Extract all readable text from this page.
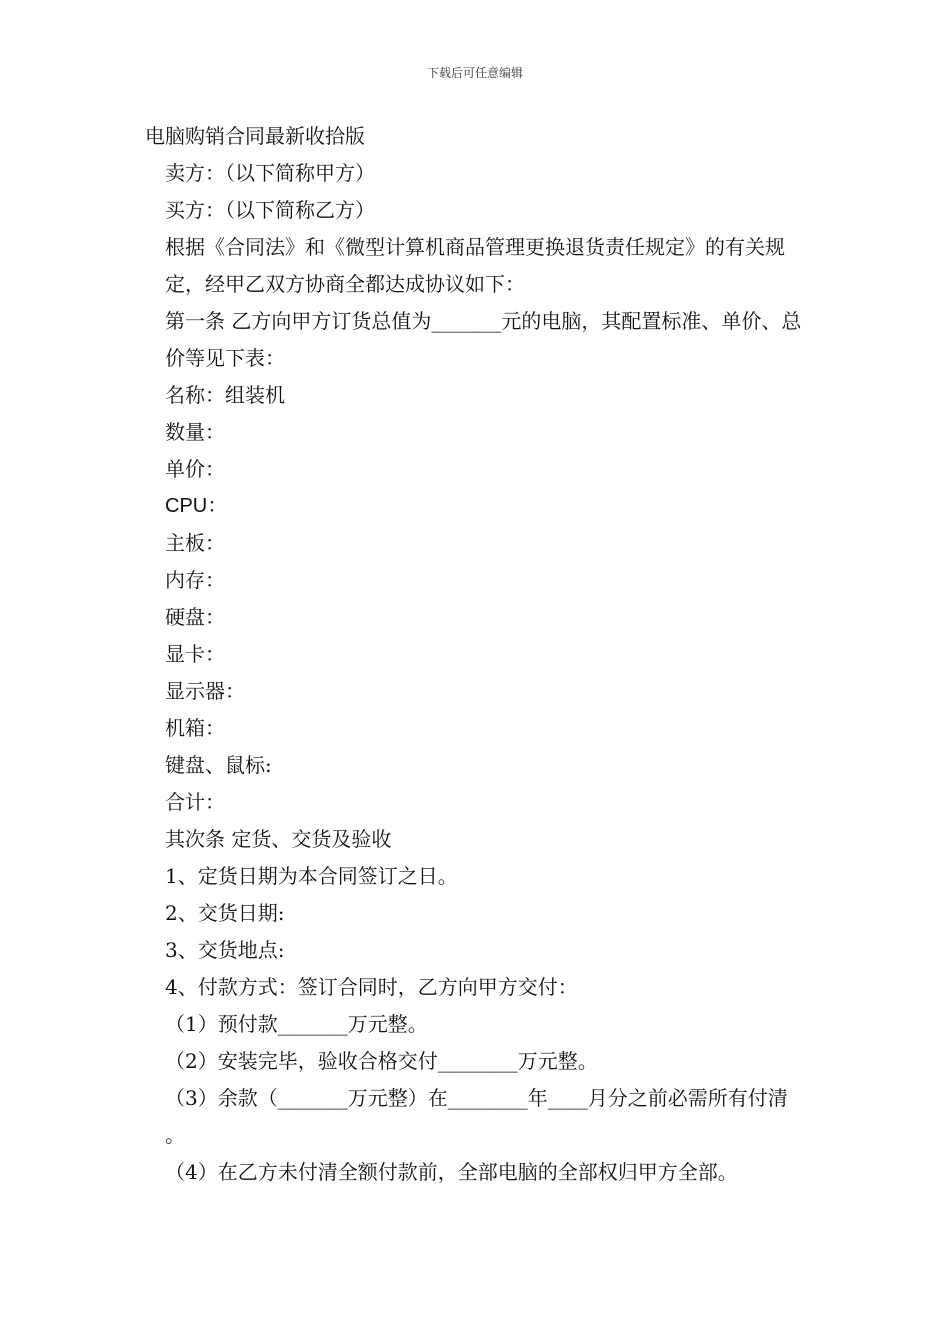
下载后可任意编辑

电脑购销合同最新收拾版

卖方：（以下简称甲方）

买方：（以下简称乙方）

根据《合同法》和《微型计算机商品管理更换退货责任规定》的有关规定，经甲乙双方协商全都达成协议如下：

第一条 乙方向甲方订货总值为_______元的电脑，其配置标准、单价、总价等见下表：

名称：组装机

数量：

单价：

CPU：

主板：

内存：

硬盘：

显卡：

显示器：

机箱：

键盘、鼠标:

合计：

其次条 定货、交货及验收

1、定货日期为本合同签订之日。

2、交货日期:

3、交货地点:

4、付款方式：签订合同时，乙方向甲方交付：

（1）预付款_______万元整。

（2）安装完毕，验收合格交付________万元整。

（3）余款（_______万元整）在________年____月分之前必需所有付清 。

（4）在乙方未付清全额付款前，全部电脑的全部权归甲方全部。
